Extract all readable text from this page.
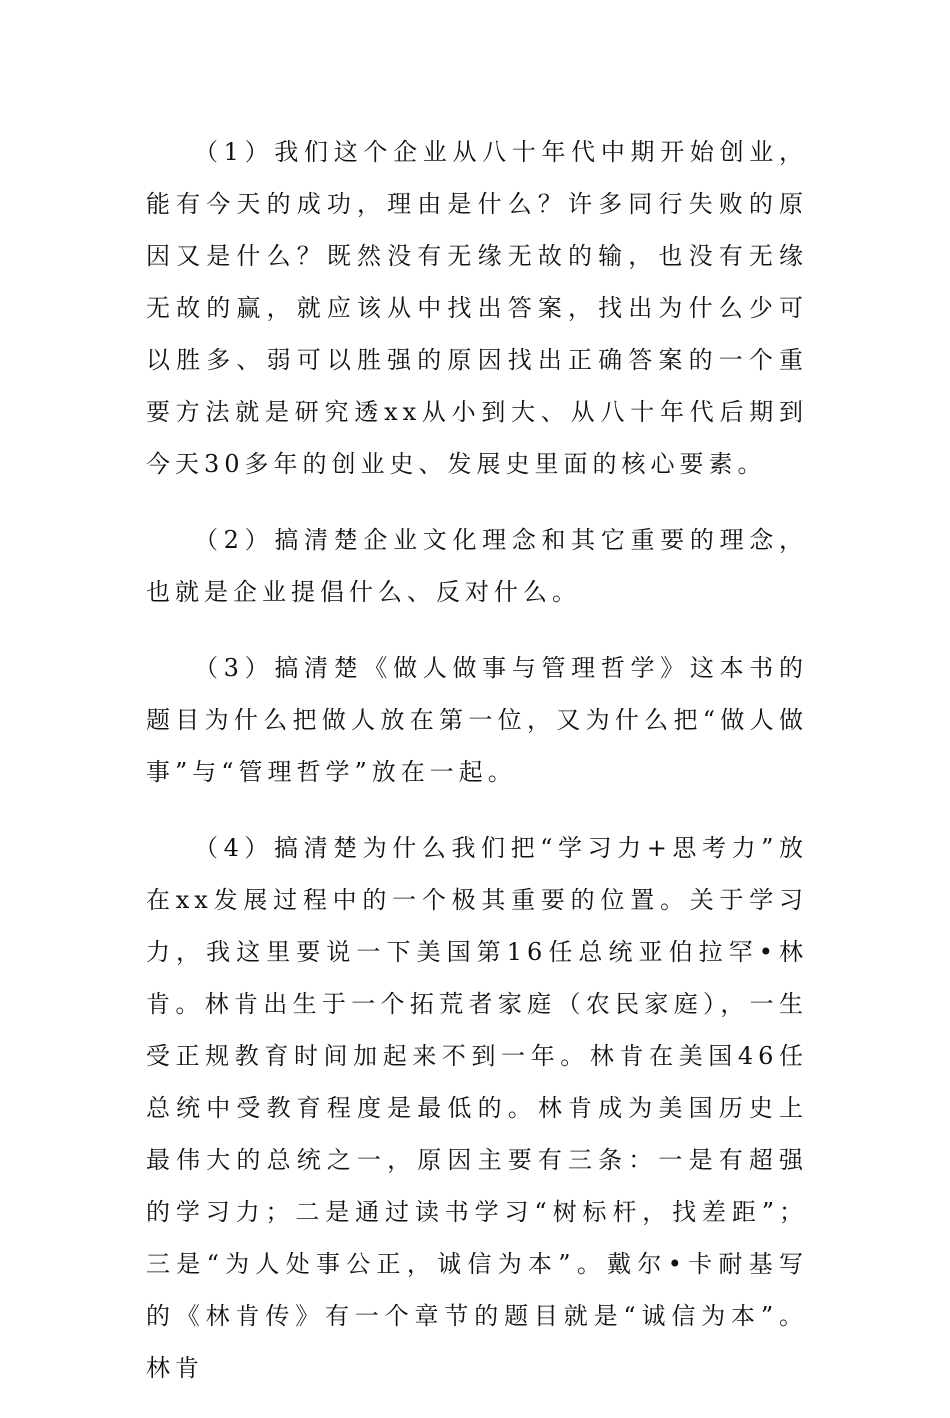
（1）我们这个企业从八十年代中期开始创业，能有今天的成功，理由是什么？许多同行失败的原因又是什么？既然没有无缘无故的输，也没有无缘无故的赢，就应该从中找出答案，找出为什么少可以胜多、弱可以胜强的原因找出正确答案的一个重要方法就是研究透xx从小到大、从八十年代后期到今天30多年的创业史、发展史里面的核心要素。

（2）搞清楚企业文化理念和其它重要的理念，也就是企业提倡什么、反对什么。

（3）搞清楚《做人做事与管理哲学》这本书的题目为什么把做人放在第一位，又为什么把“做人做事”与“管理哲学”放在一起。

（4）搞清楚为什么我们把“学习力+思考力”放在xx发展过程中的一个极其重要的位置。关于学习力，我这里要说一下美国第16任总统亚伯拉罕•林肯。林肯出生于一个拓荒者家庭（农民家庭），一生受正规教育时间加起来不到一年。林肯在美国46任总统中受教育程度是最低的。林肯成为美国历史上最伟大的总统之一，原因主要有三条：一是有超强的学习力；二是通过读书学习“树标杆，找差距”；三是“为人处事公正，诚信为本”。戴尔•卡耐基写的《林肯传》有一个章节的题目就是“诚信为本”。林肯
